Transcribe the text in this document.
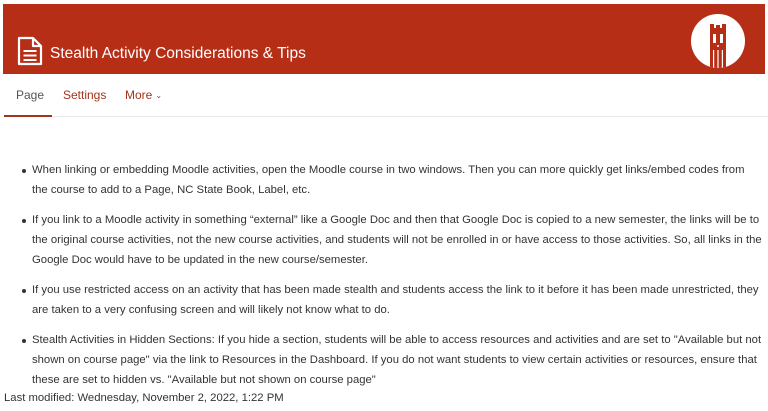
Stealth Activity Considerations & Tips
Page Settings More ⌄
When linking or embedding Moodle activities, open the Moodle course in two windows. Then you can more quickly get links/embed codes from the course to add to a Page, NC State Book, Label, etc.
If you link to a Moodle activity in something “external” like a Google Doc and then that Google Doc is copied to a new semester, the links will be to the original course activities, not the new course activities, and students will not be enrolled in or have access to those activities. So, all links in the Google Doc would have to be updated in the new course/semester.
If you use restricted access on an activity that has been made stealth and students access the link to it before it has been made unrestricted, they are taken to a very confusing screen and will likely not know what to do.
Stealth Activities in Hidden Sections: If you hide a section, students will be able to access resources and activities and are set to "Available but not shown on course page" via the link to Resources in the Dashboard. If you do not want students to view certain activities or resources, ensure that these are set to hidden vs. "Available but not shown on course page"
Last modified: Wednesday, November 2, 2022, 1:22 PM
